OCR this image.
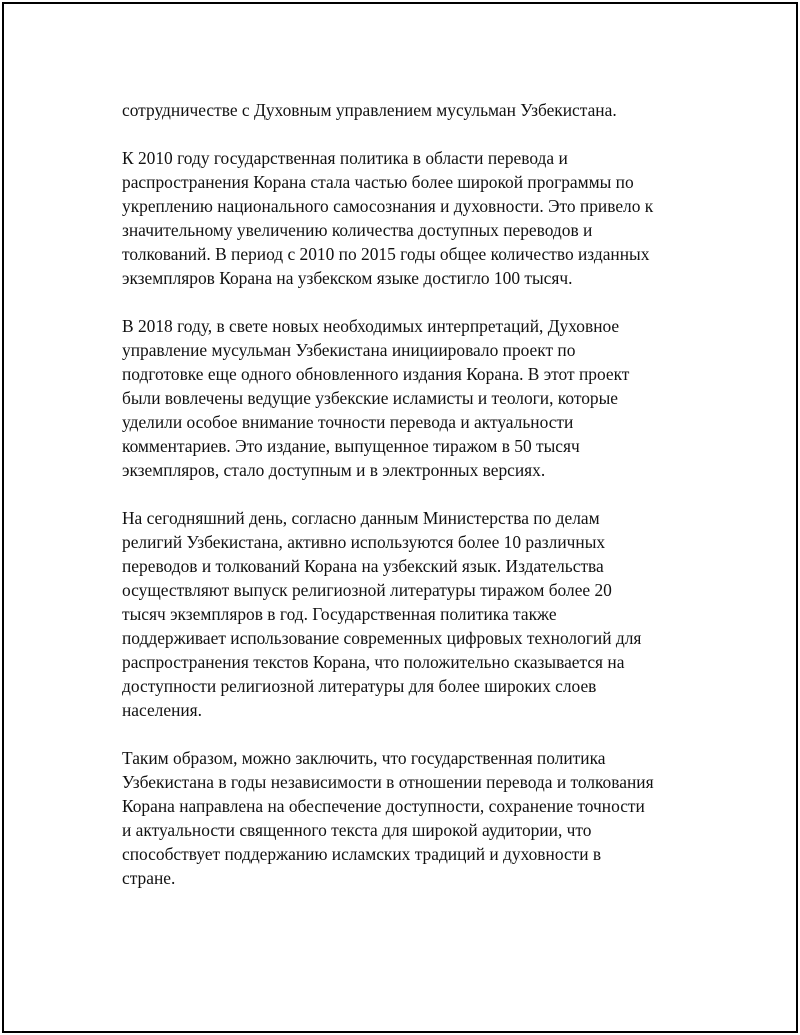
сотрудничестве с Духовным управлением мусульман Узбекистана.

К 2010 году государственная политика в области перевода и
распространения Корана стала частью более широкой программы по
укреплению национального самосознания и духовности. Это привело к
значительному увеличению количества доступных переводов и
толкований. В период с 2010 по 2015 годы общее количество изданных
экземпляров Корана на узбекском языке достигло 100 тысяч.

В 2018 году, в свете новых необходимых интерпретаций, Духовное
управление мусульман Узбекистана инициировало проект по
подготовке еще одного обновленного издания Корана. В этот проект
были вовлечены ведущие узбекские исламисты и теологи, которые
уделили особое внимание точности перевода и актуальности
комментариев. Это издание, выпущенное тиражом в 50 тысяч
экземпляров, стало доступным и в электронных версиях.

На сегодняшний день, согласно данным Министерства по делам
религий Узбекистана, активно используются более 10 различных
переводов и толкований Корана на узбекский язык. Издательства
осуществляют выпуск религиозной литературы тиражом более 20
тысяч экземпляров в год. Государственная политика также
поддерживает использование современных цифровых технологий для
распространения текстов Корана, что положительно сказывается на
доступности религиозной литературы для более широких слоев
населения.

Таким образом, можно заключить, что государственная политика
Узбекистана в годы независимости в отношении перевода и толкования
Корана направлена на обеспечение доступности, сохранение точности
и актуальности священного текста для широкой аудитории, что
способствует поддержанию исламских традиций и духовности в
стране.
